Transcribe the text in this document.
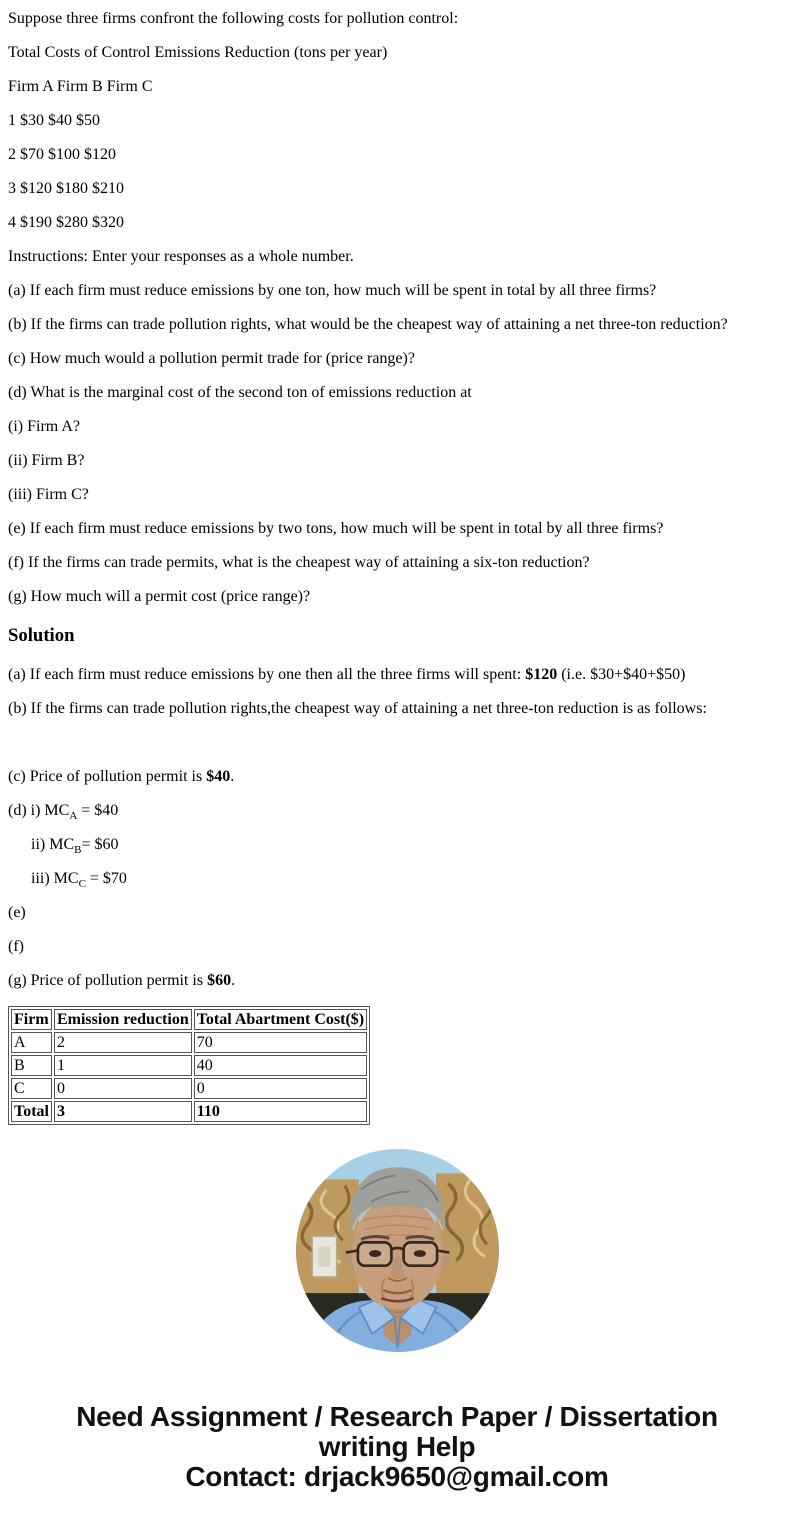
Suppose three firms confront the following costs for pollution control:

Total Costs of Control Emissions Reduction (tons per year)

Firm A Firm B Firm C

1 $30 $40 $50

2 $70 $100 $120

3 $120 $180 $210

4 $190 $280 $320

Instructions: Enter your responses as a whole number.

(a) If each firm must reduce emissions by one ton, how much will be spent in total by all three firms?

(b) If the firms can trade pollution rights, what would be the cheapest way of attaining a net three-ton reduction?

(c) How much would a pollution permit trade for (price range)?

(d) What is the marginal cost of the second ton of emissions reduction at

(i) Firm A?

(ii) Firm B?

(iii) Firm C?

(e) If each firm must reduce emissions by two tons, how much will be spent in total by all three firms?

(f) If the firms can trade permits, what is the cheapest way of attaining a six-ton reduction?

(g) How much will a permit cost (price range)?

Solution

(a) If each firm must reduce emissions by one then all the three firms will spent: $120 (i.e. $30+$40+$50)

(b) If the firms can trade pollution rights,the cheapest way of attaining a net three-ton reduction is as follows:

(c) Price of pollution permit is $40.

(d) i) $MC_A$ = $40

ii) $MC_B=$ $60

iii) $MC_C$ = $70

(e)

(f)

(g) Price of pollution permit is $60.

Firm	Emission reduction	Total Abartment Cost($)
A	2	70
B	1	40
C	0	0
Total	3	110
Need Assignment / Research Paper / Dissertation
writing Help
Contact: drjack9650@gmail.com
